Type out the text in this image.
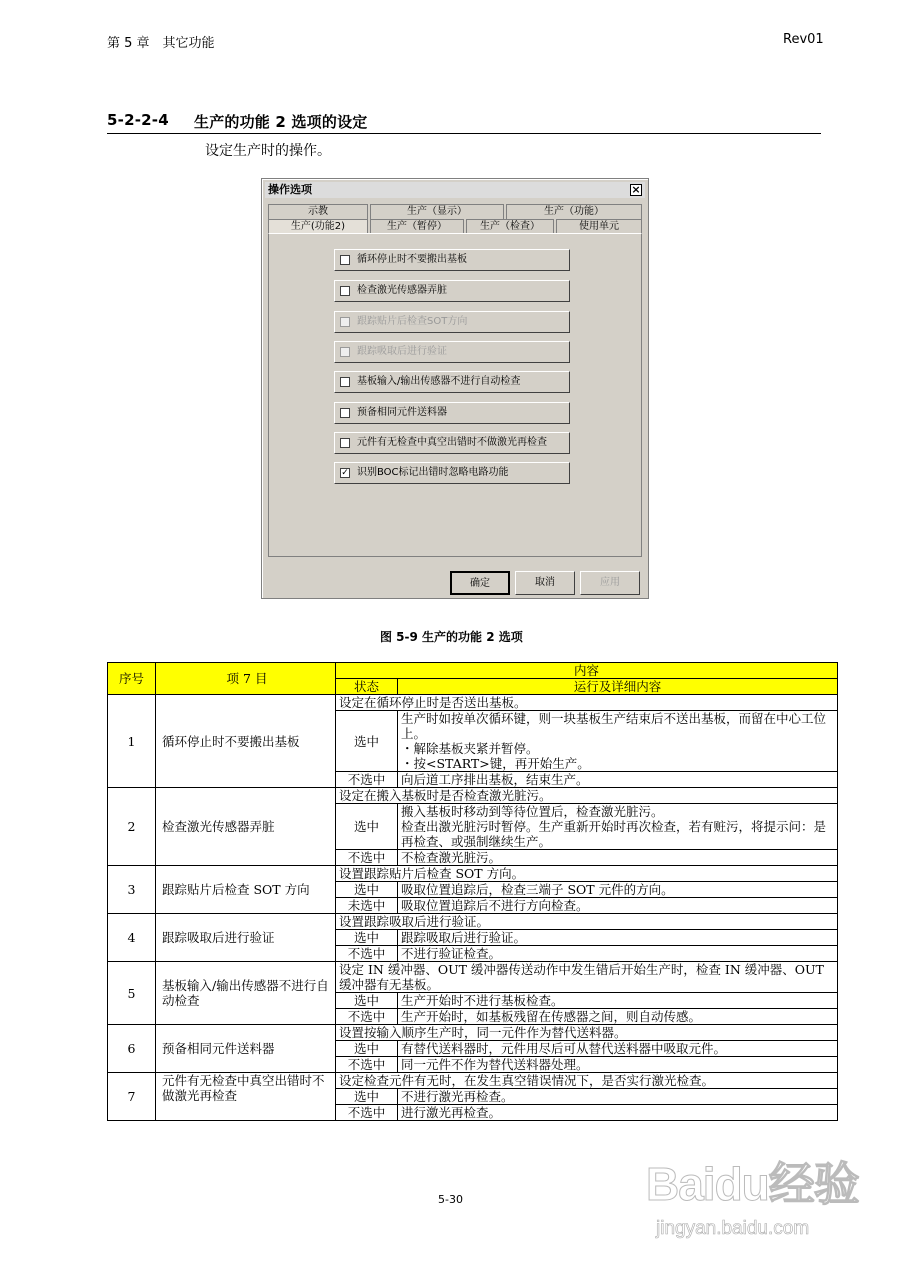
第 5 章　其它功能	Rev01
5-2-2-4 生产的功能 2 选项的设定
设定生产时的操作。
操作选项	×
示教	生产（显示）	生产（功能）
生产(功能2)	生产（暂停）	生产（检查）	使用单元
循环停止时不要搬出基板
检查激光传感器弄脏
跟踪贴片后检查SOT方向
跟踪吸取后进行验证
基板输入/输出传感器不进行自动检查
预备相同元件送料器
元件有无检查中真空出错时不做激光再检查
✓ 识别BOC标记出错时忽略电路功能
确定	取消	应用
图 5-9 生产的功能 2 选项
序号	项 7 目	内容	
		状态	运行及详细内容
1	循环停止时不要搬出基板	设定在循环停止时是否送出基板。	
		选中	生产时如按单次循环键，则一块基板生产结束后不送出基板，而留在中心工位上。
・解除基板夹紧并暂停。
・按<START>键，再开始生产。

		不选中	向后道工序排出基板，结束生产。
2	检查激光传感器弄脏	设定在搬入基板时是否检查激光脏污。	
		选中	搬入基板时移动到等待位置后，检查激光脏污。
检查出激光脏污时暂停。生产重新开始时再次检查，若有赃污，将提示问：是再检查、或强制继续生产。

		不选中	不检查激光脏污。
3	跟踪贴片后检查 SOT 方向	设置跟踪贴片后检查 SOT 方向。	
		选中	吸取位置追踪后，检查三端子 SOT 元件的方向。
		未选中	吸取位置追踪后不进行方向检查。
4	跟踪吸取后进行验证	设置跟踪吸取后进行验证。	
		选中	跟踪吸取后进行验证。
		不选中	不进行验证检查。
5	基板输入/输出传感器不进行自动检查	设定 IN 缓冲器、OUT 缓冲器传送动作中发生错后开始生产时，检查 IN 缓冲器、OUT 缓冲器有无基板。	
		选中	生产开始时不进行基板检查。
		不选中	生产开始时，如基板残留在传感器之间，则自动传感。
6	预备相同元件送料器	设置按输入顺序生产时，同一元件作为替代送料器。	
		选中	有替代送料器时，元件用尽后可从替代送料器中吸取元件。
		不选中	同一元件不作为替代送料器处理。
7	元件有无检查中真空出错时不做激光再检查	设定检查元件有无时，在发生真空错误情况下，是否实行激光检查。	
		选中	不进行激光再检查。
		不选中	进行激光再检查。
5-30	Baidu经验
jingyan.baidu.com
